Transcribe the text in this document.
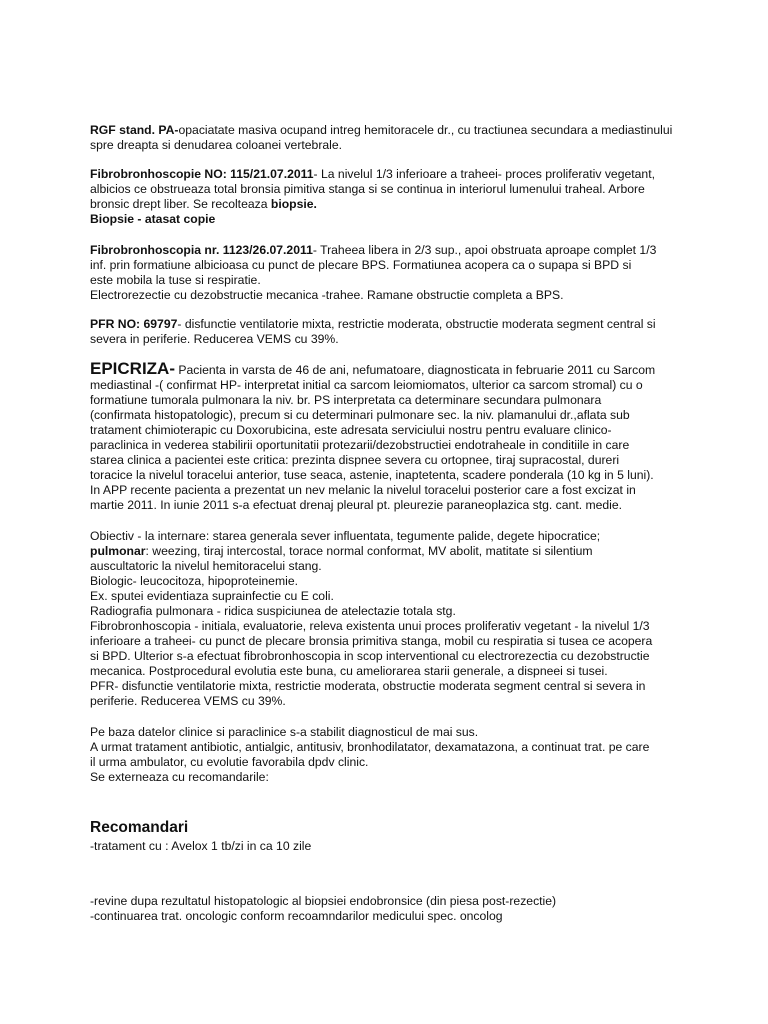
RGF stand. PA-opaciatate masiva ocupand intreg hemitoracele dr., cu tractiunea secundara a mediastinului

spre dreapta si denudarea coloanei vertebrale.

Fibrobronhoscopie NO: 115/21.07.2011- La nivelul 1/3 inferioare a traheei- proces proliferativ vegetant,

albicios ce obstrueaza total bronsia pimitiva stanga si se continua in interiorul lumenului traheal. Arbore

bronsic drept liber. Se recolteaza biopsie.

Biopsie - atasat copie

Fibrobronhoscopia nr. 1123/26.07.2011- Traheea libera in 2/3 sup., apoi obstruata aproape complet 1/3

inf. prin formatiune albicioasa cu punct de plecare BPS. Formatiunea acopera ca o supapa si BPD si

este mobila la tuse si respiratie.

Electrorezectie cu dezobstructie mecanica -trahee. Ramane obstructie completa a BPS.

PFR NO: 69797- disfunctie ventilatorie mixta, restrictie moderata, obstructie moderata segment central si

severa in periferie. Reducerea VEMS cu 39%.

EPICRIZA- Pacienta in varsta de 46 de ani, nefumatoare, diagnosticata in februarie 2011 cu Sarcom

mediastinal -( confirmat HP- interpretat initial ca sarcom leiomiomatos, ulterior ca sarcom stromal) cu o

formatiune tumorala pulmonara la niv. br. PS interpretata ca determinare secundara pulmonara

(confirmata histopatologic), precum si cu determinari pulmonare sec. la niv. plamanului dr.,aflata sub

tratament chimioterapic cu Doxorubicina, este adresata serviciului nostru pentru evaluare clinico-

paraclinica in vederea stabilirii oportunitatii protezarii/dezobstructiei endotraheale in conditiile in care

starea clinica a pacientei este critica: prezinta dispnee severa cu ortopnee, tiraj supracostal, dureri

toracice la nivelul toracelui anterior, tuse seaca, astenie, inaptetenta, scadere ponderala (10 kg in 5 luni).

In APP recente pacienta a prezentat un nev melanic la nivelul toracelui posterior care a fost excizat in

martie 2011. In iunie 2011 s-a efectuat drenaj pleural pt. pleurezie paraneoplazica stg. cant. medie.

Obiectiv - la internare: starea generala sever influentata, tegumente palide, degete hipocratice;

pulmonar: weezing, tiraj intercostal, torace normal conformat, MV abolit, matitate si silentium

auscultatoric la nivelul hemitoracelui stang.

Biologic- leucocitoza, hipoproteinemie.

Ex. sputei evidentiaza suprainfectie cu E coli.

Radiografia pulmonara - ridica suspiciunea de atelectazie totala stg.

Fibrobronhoscopia - initiala, evaluatorie, releva existenta unui proces proliferativ vegetant - la nivelul 1/3

inferioare a traheei- cu punct de plecare bronsia primitiva stanga, mobil cu respiratia si tusea ce acopera

si BPD. Ulterior s-a efectuat fibrobronhoscopia in scop interventional cu electrorezectia cu dezobstructie

mecanica. Postprocedural evolutia este buna, cu ameliorarea starii generale, a dispneei si tusei.

PFR- disfunctie ventilatorie mixta, restrictie moderata, obstructie moderata segment central si severa in

periferie. Reducerea VEMS cu 39%.

Pe baza datelor clinice si paraclinice s-a stabilit diagnosticul de mai sus.

A urmat tratament antibiotic, antialgic, antitusiv, bronhodilatator, dexamatazona, a continuat trat. pe care

il urma ambulator, cu evolutie favorabila dpdv clinic.

Se externeaza cu recomandarile:

Recomandari

-tratament cu : Avelox 1 tb/zi in ca 10 zile

-revine dupa rezultatul histopatologic al biopsiei endobronsice (din piesa post-rezectie)

-continuarea trat. oncologic conform recoamndarilor medicului spec. oncolog
